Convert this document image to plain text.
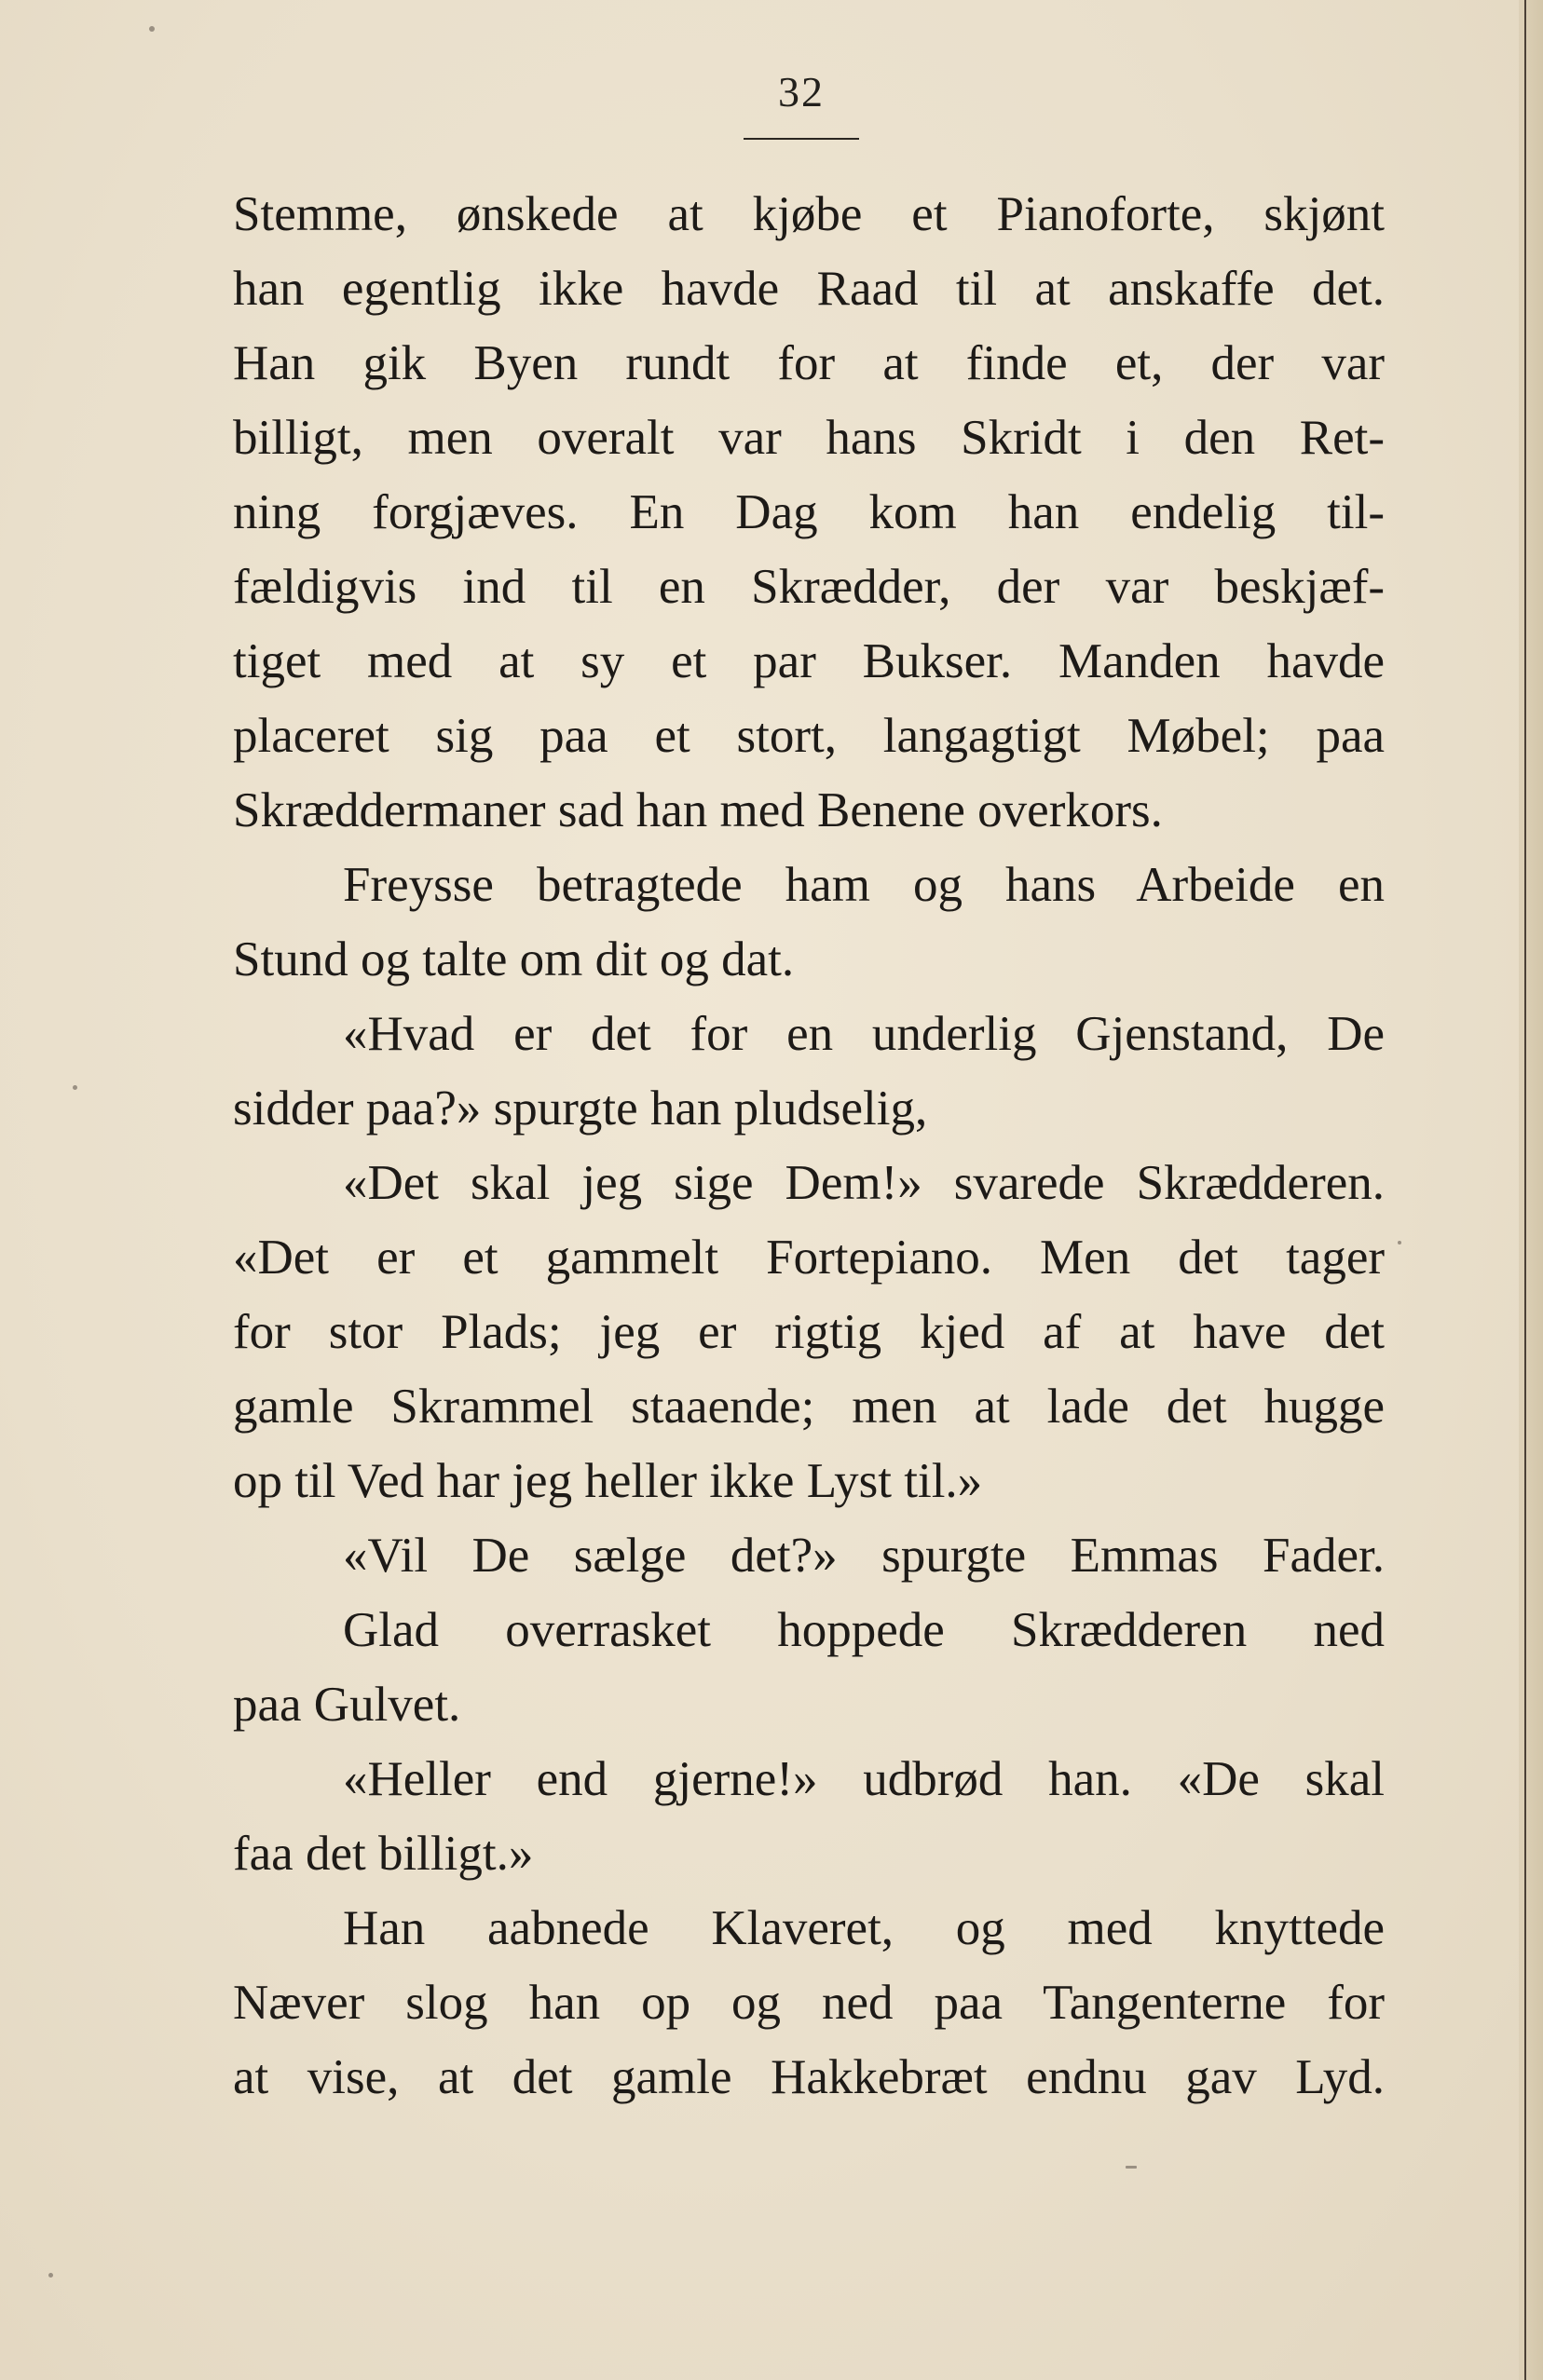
32
Stemme, ønskede at kjøbe et Pianoforte, skjønt
han egentlig ikke havde Raad til at anskaffe det.
Han gik Byen rundt for at finde et, der var
billigt, men overalt var hans Skridt i den Ret-
ning forgjæves. En Dag kom han endelig til-
fældigvis ind til en Skrædder, der var beskjæf-
tiget med at sy et par Bukser. Manden havde
placeret sig paa et stort, langagtigt Møbel; paa
Skræddermaner sad han med Benene overkors.
Freysse betragtede ham og hans Arbeide en
Stund og talte om dit og dat.
«Hvad er det for en underlig Gjenstand, De
sidder paa?» spurgte han pludselig,
«Det skal jeg sige Dem!» svarede Skrædderen.
«Det er et gammelt Fortepiano. Men det tager
for stor Plads; jeg er rigtig kjed af at have det
gamle Skrammel staaende; men at lade det hugge
op til Ved har jeg heller ikke Lyst til.»
«Vil De sælge det?» spurgte Emmas Fader.
Glad overrasket hoppede Skrædderen ned
paa Gulvet.
«Heller end gjerne!» udbrød han. «De skal
faa det billigt.»
Han aabnede Klaveret, og med knyttede
Næver slog han op og ned paa Tangenterne for
at vise, at det gamle Hakkebræt endnu gav Lyd.
